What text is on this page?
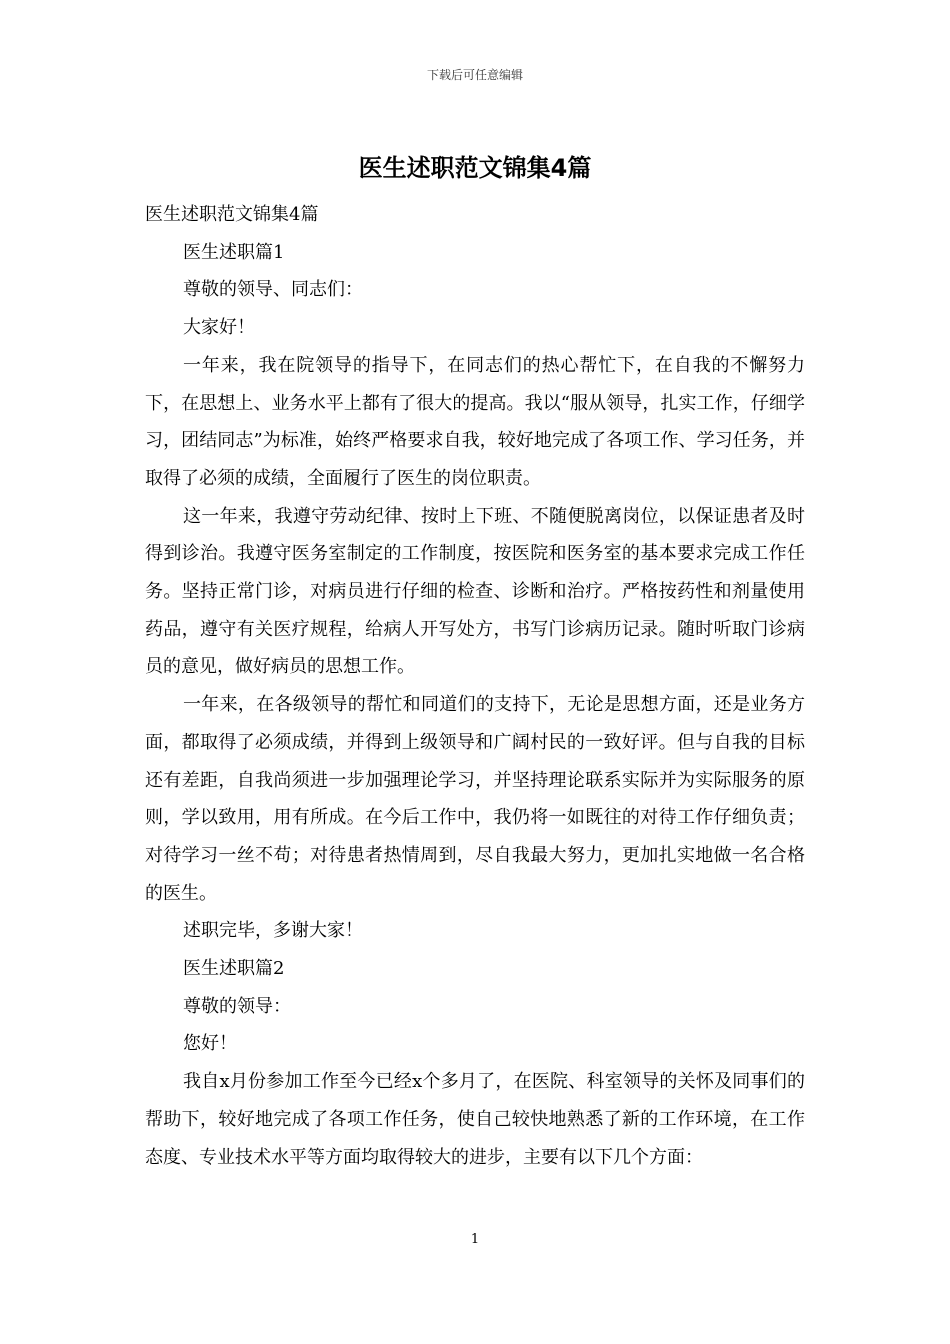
下载后可任意编辑
医生述职范文锦集4篇

医生述职范文锦集4篇

医生述职篇1

尊敬的领导、同志们：

大家好！

一年来，我在院领导的指导下，在同志们的热心帮忙下，在自我的不懈努力下，在思想上、业务水平上都有了很大的提高。我以“服从领导，扎实工作，仔细学习，团结同志”为标准，始终严格要求自我，较好地完成了各项工作、学习任务，并取得了必须的成绩，全面履行了医生的岗位职责。

这一年来，我遵守劳动纪律、按时上下班、不随便脱离岗位，以保证患者及时得到诊治。我遵守医务室制定的工作制度，按医院和医务室的基本要求完成工作任务。坚持正常门诊，对病员进行仔细的检查、诊断和治疗。严格按药性和剂量使用药品，遵守有关医疗规程，给病人开写处方，书写门诊病历记录。随时听取门诊病员的意见，做好病员的思想工作。

一年来，在各级领导的帮忙和同道们的支持下，无论是思想方面，还是业务方面，都取得了必须成绩，并得到上级领导和广阔村民的一致好评。但与自我的目标还有差距，自我尚须进一步加强理论学习，并坚持理论联系实际并为实际服务的原则，学以致用，用有所成。在今后工作中，我仍将一如既往的对待工作仔细负责；对待学习一丝不苟；对待患者热情周到，尽自我最大努力，更加扎实地做一名合格的医生。

述职完毕，多谢大家！

医生述职篇2

尊敬的领导：

您好！

我自x月份参加工作至今已经x个多月了，在医院、科室领导的关怀及同事们的帮助下，较好地完成了各项工作任务，使自己较快地熟悉了新的工作环境，在工作态度、专业技术水平等方面均取得较大的进步，主要有以下几个方面：

1
